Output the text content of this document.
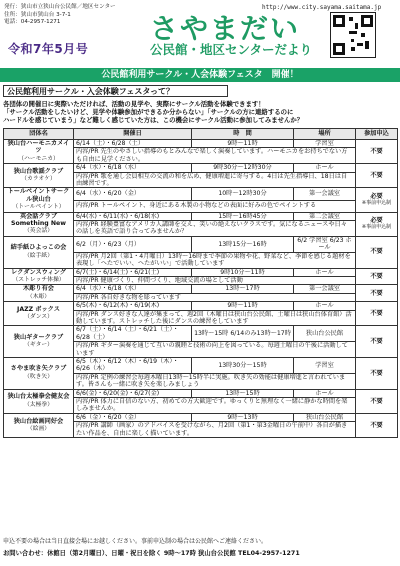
発行：狭山市立狭山台公民館／地区センター
住所：狭山市狭山台 3-7-1
電話：04-2957-1271
http://www.city.sayama.saitama.jp
さやまだい
公民館・地区センターだより
令和7年5月号
公民館利用サークル・人会体験フェスタ　開催！
公民館利用サークル・入会体験フェスタって？
各団体の開催日に実際いただければ、活動の見学や、実際にサークル活動を体験できます！
「サークル活動をしたいけど、見学や体験参加ができるか分からない」「サークルの方に連絡するのに
ハードルを感じていまう」など難しく感じていた方は、この機会にサークル活動に参加してみませんか？
団体名	開催日	時　間	場所	参加申込
狭山台ハーモニカメイツ
（ハーモニカ）	6/14（土）・6/28（土）	9時～11時	学習室	不要
	内容/PR 先生のやさしい指導のもとみんなで楽しく演奏しています。ハーモニカをお持ちでない方も自由に見学ください。			
狭山台歌謡クラブ
（カラオケ）	6/4（水）・6/18（水）	9時30分～12時30分	ホール	不要
	内容/PR 歌を通し会員相互の交流の和を広め、健康増進に寄与する。4日は先生指導日、18日は自由練習です。			
トールペイントサークル狭山台
（トールペイント）	6/4（水）・6/20（金）	10時～12時30分	第一会議室	必要
※事前申込制

	内容/PR トールペイント、身近にある木製の小物などの表面に好みの色でペイントする			
英会話クラブ Something New
（英会話）	6/4(水)・6/11(水)・6/18(水)	15時～16時45分	第二会議室	必要
※事前申込制

	内容/PR 経験豊富なアメリカ人講師を交え、笑いの絶えないクラスです。気になるニュースや日々の話しを英語で語り合ってみませんか？			
結手紙ひよっこの会
（絵手紙）	6/2（月）・6/23（月）	13時15分～16時	6/2 学習室 6/23 ホール	不要
	内容/PR 月2回（第1・4月曜日）13時～16時まで季節の果物や花、野菜など、季節を感じる題材を表現し「ヘたでいい、ヘたがいい」で活動しています			
レクダンスウィング
（ストレッチ体操）	6/7(土)・6/14(土)・6/21(土)	9時10分～11時	ホール	不要
	内容/PR 健康づくり、仲間づくり、地域交流の場として活動			
木彫り有会
（木彫）	6/4（水）・6/18（水）	13時～17時	第一会議室	不要
	内容/PR 各自好きな物を彫っています			
JAZZ ボックス
（ダンス）	6/5(木)・6/12(木)・6/19(木)	9時～11時	ホール	不要
	内容/PR ダンス好きな人達が集まって、週2回（木曜日は狭山台公民館、土曜日は狭山台体育館）活動しています。ストレッチした後にダンスの練習をしています			
狭山ギタークラブ
（ギター）	6/7（土）・6/14（土）・6/21（土）・6/28（土）	13時～15時 6/14のみ13時～17時	狭山台公民館	不要
	内容/PR ギター演奏を通じて互いの親睦と技術の向上を図っている。毎週土曜日の午後に活動しています			
さやま吹き矢クラブ
（吹き矢）	6/5（木）・6/12（木）・6/19（木）・6/26（木）	13時30分～15時	学習室	不要
	内容/PR 定例の練習会毎週木曜日13時～15時半に実施。吹き矢の効能は健康増進と言われています。皆さんも一緒に吹き矢を楽しみましょう			
狭山台太極拳会健友会
（太極拳）	6/6(金)・6/20(金)・6/27(金)	13時～15時	ホール	不要
	内容/PR 体力に自信のない方、初めての方大歓迎です。ゆっくりと無理なく一緒に静かな時間を楽しみませんか。			
狭山台絵画同好会
（絵画）	6/6（金）・6/20（金）	9時～13時	狭山台公民館	不要
	内容/PR 講師（画家）のアドバイスを受けながら、月2回（第1・第3金曜日の午前中）各自が描きたい作品を、自由に楽しく描いています。			
申込不要の場合は当日直接会場にお越しください。事前申込制の場合は公民館へご連絡ください。
お問い合わせ：休館日（第2月曜日）、日曜・祝日を除く 9時～17時 狭山台公民館 TEL04-2957-1271
